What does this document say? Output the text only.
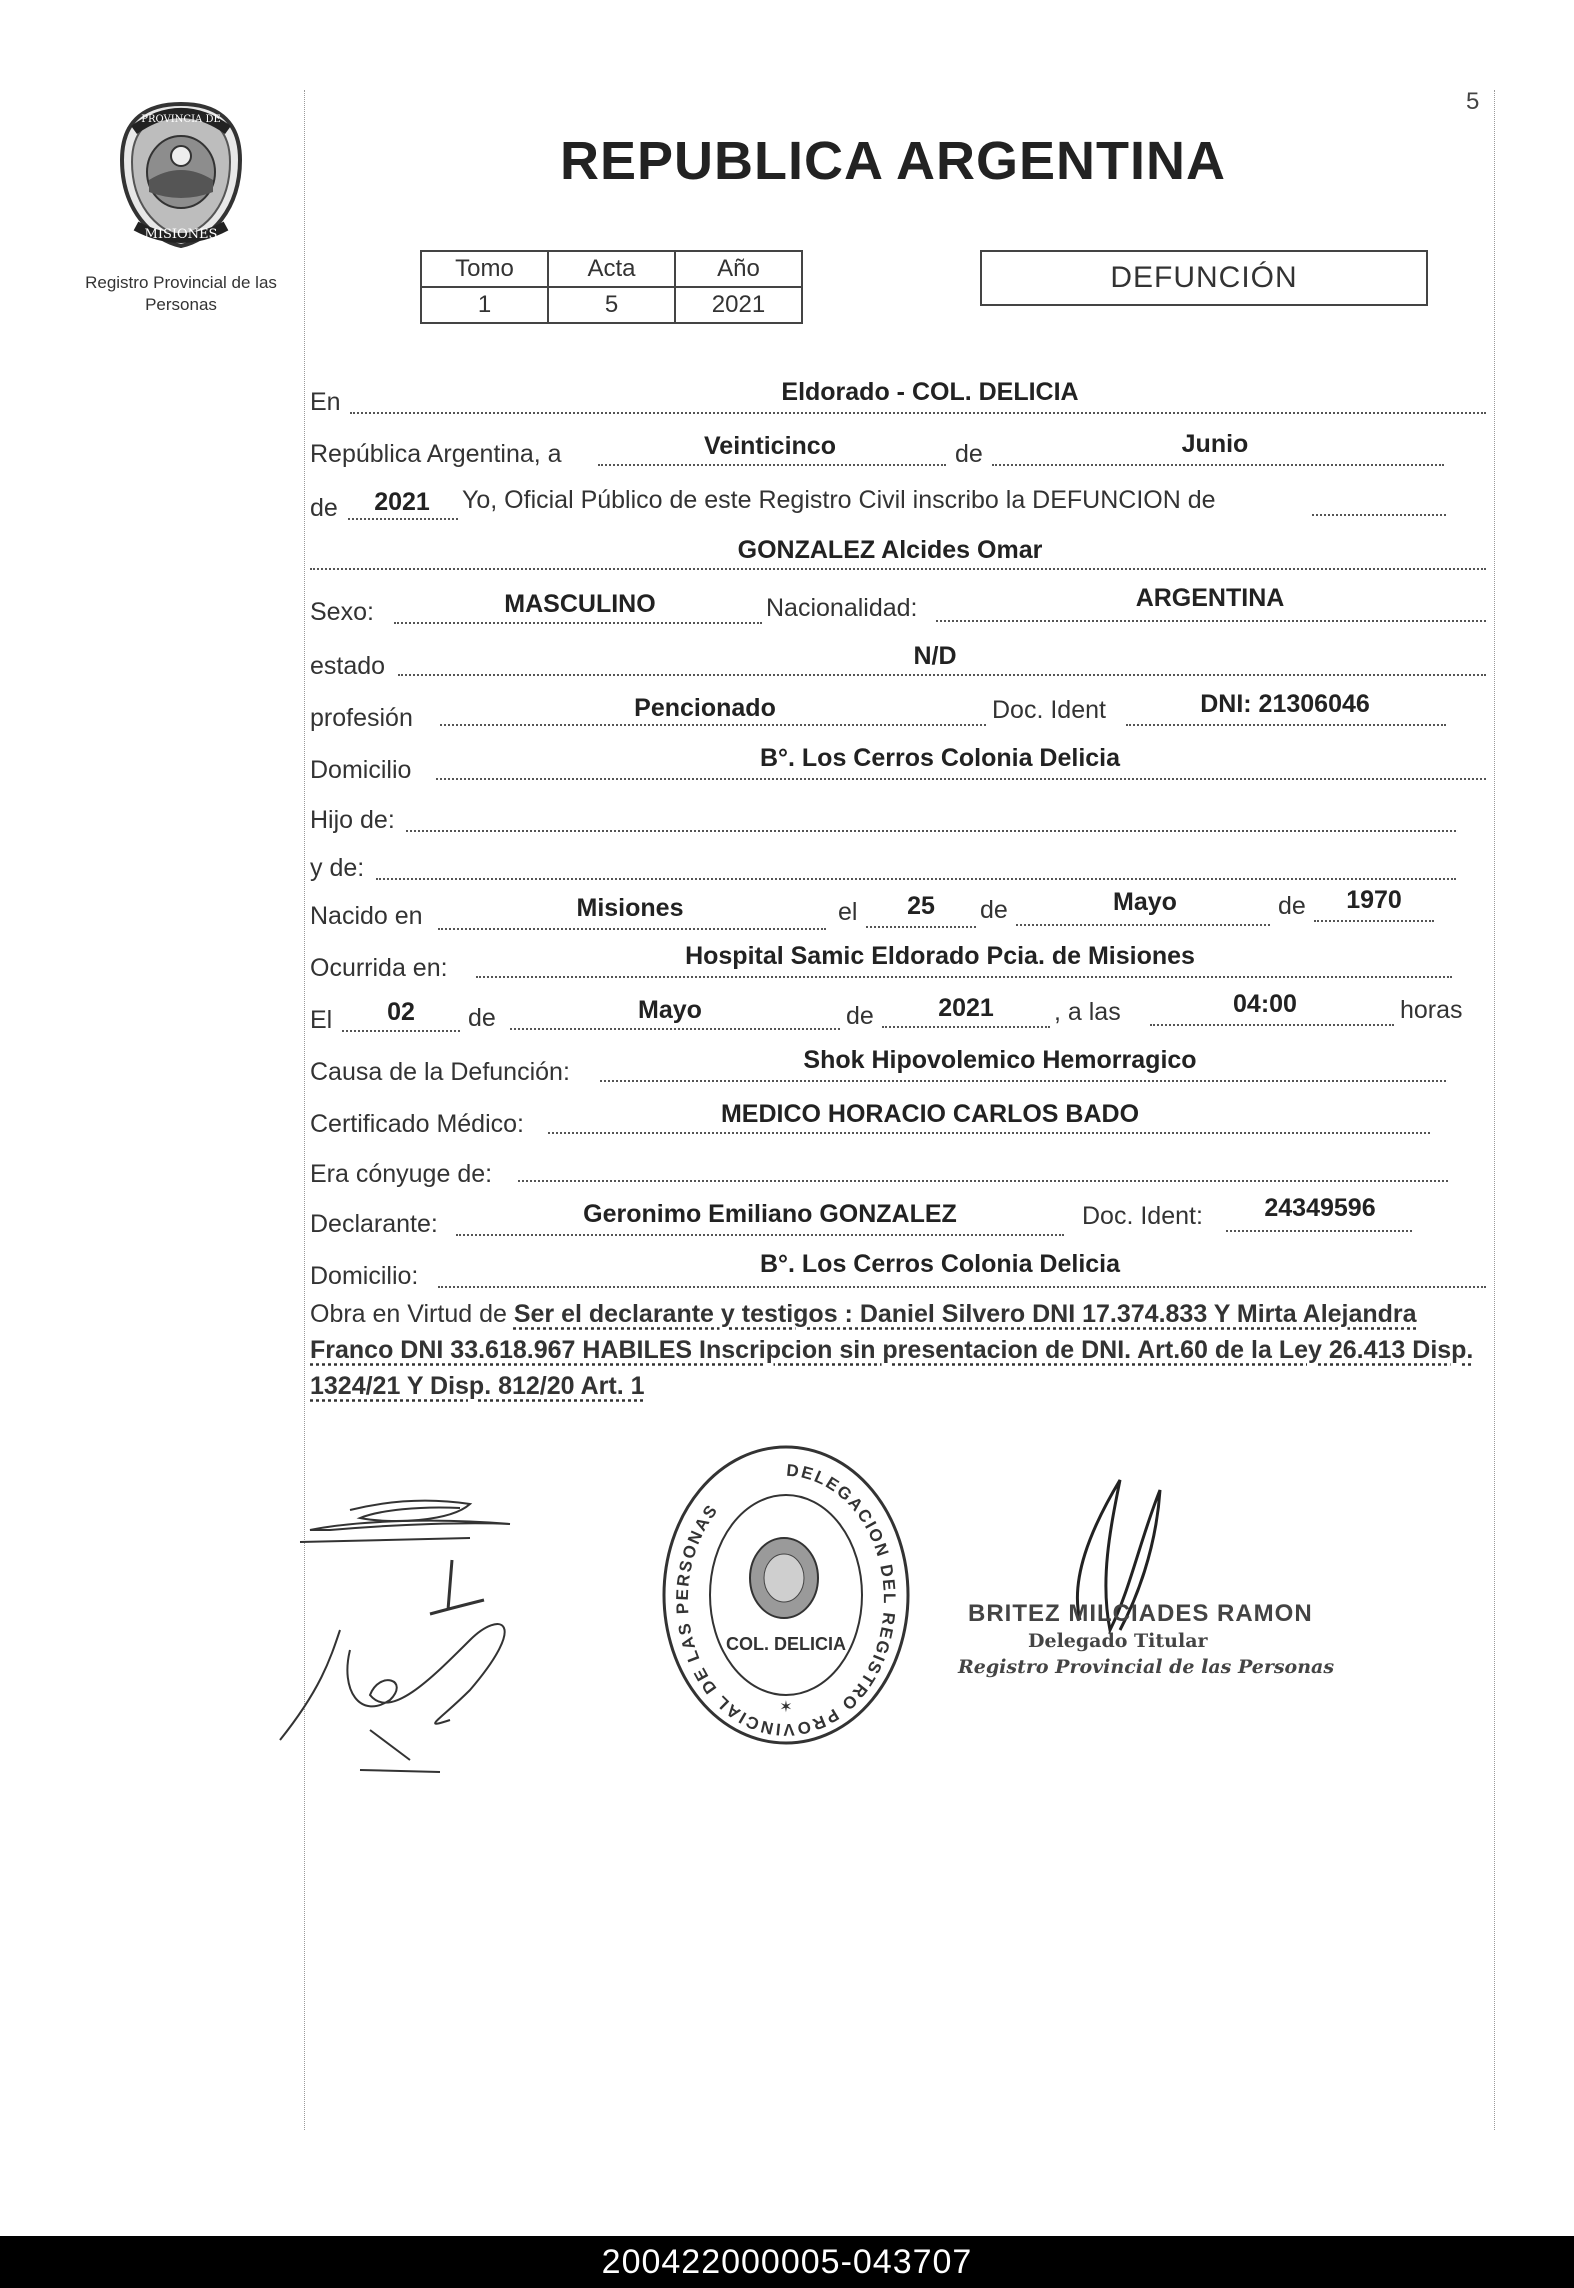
5
PROVINCIA DE
MISIONES
Registro Provincial de las Personas
REPUBLICA ARGENTINA
Tomo	Acta	Año
1	5	2021
DEFUNCIÓN
En	Eldorado - COL. DELICIA
República Argentina, a	Veinticinco	de	Junio
de	2021	Yo, Oficial Público de este Registro Civil inscribo la DEFUNCION de
GONZALEZ Alcides Omar
Sexo:	MASCULINO	Nacionalidad:	ARGENTINA
estado	N/D
profesión	Pencionado	Doc. Ident	DNI: 21306046
Domicilio	B°. Los Cerros Colonia Delicia
Hijo de:
y de:
Nacido en	Misiones	el	25	de	Mayo	de	1970
Ocurrida en:	Hospital Samic Eldorado Pcia. de Misiones
El	02	de	Mayo	de	2021	, a las	04:00	horas
Causa de la Defunción:	Shok Hipovolemico Hemorragico
Certificado Médico:	MEDICO HORACIO CARLOS BADO
Era cónyuge de:
Declarante:	Geronimo Emiliano GONZALEZ	Doc. Ident:	24349596
Domicilio:	B°. Los Cerros Colonia Delicia
Obra en Virtud de Ser el declarante y testigos : Daniel Silvero DNI 17.374.833 Y Mirta Alejandra Franco DNI 33.618.967 HABILES Inscripcion sin presentacion de DNI. Art.60 de la Ley 26.413 Disp. 1324/21 Y Disp. 812/20 Art. 1
DELEGACION DEL REGISTRO PROVINCIAL DE LAS PERSONAS
COL. DELICIA
✶
BRITEZ MILCIADES RAMON
Delegado Titular
Registro Provincial de las Personas
200422000005-043707
